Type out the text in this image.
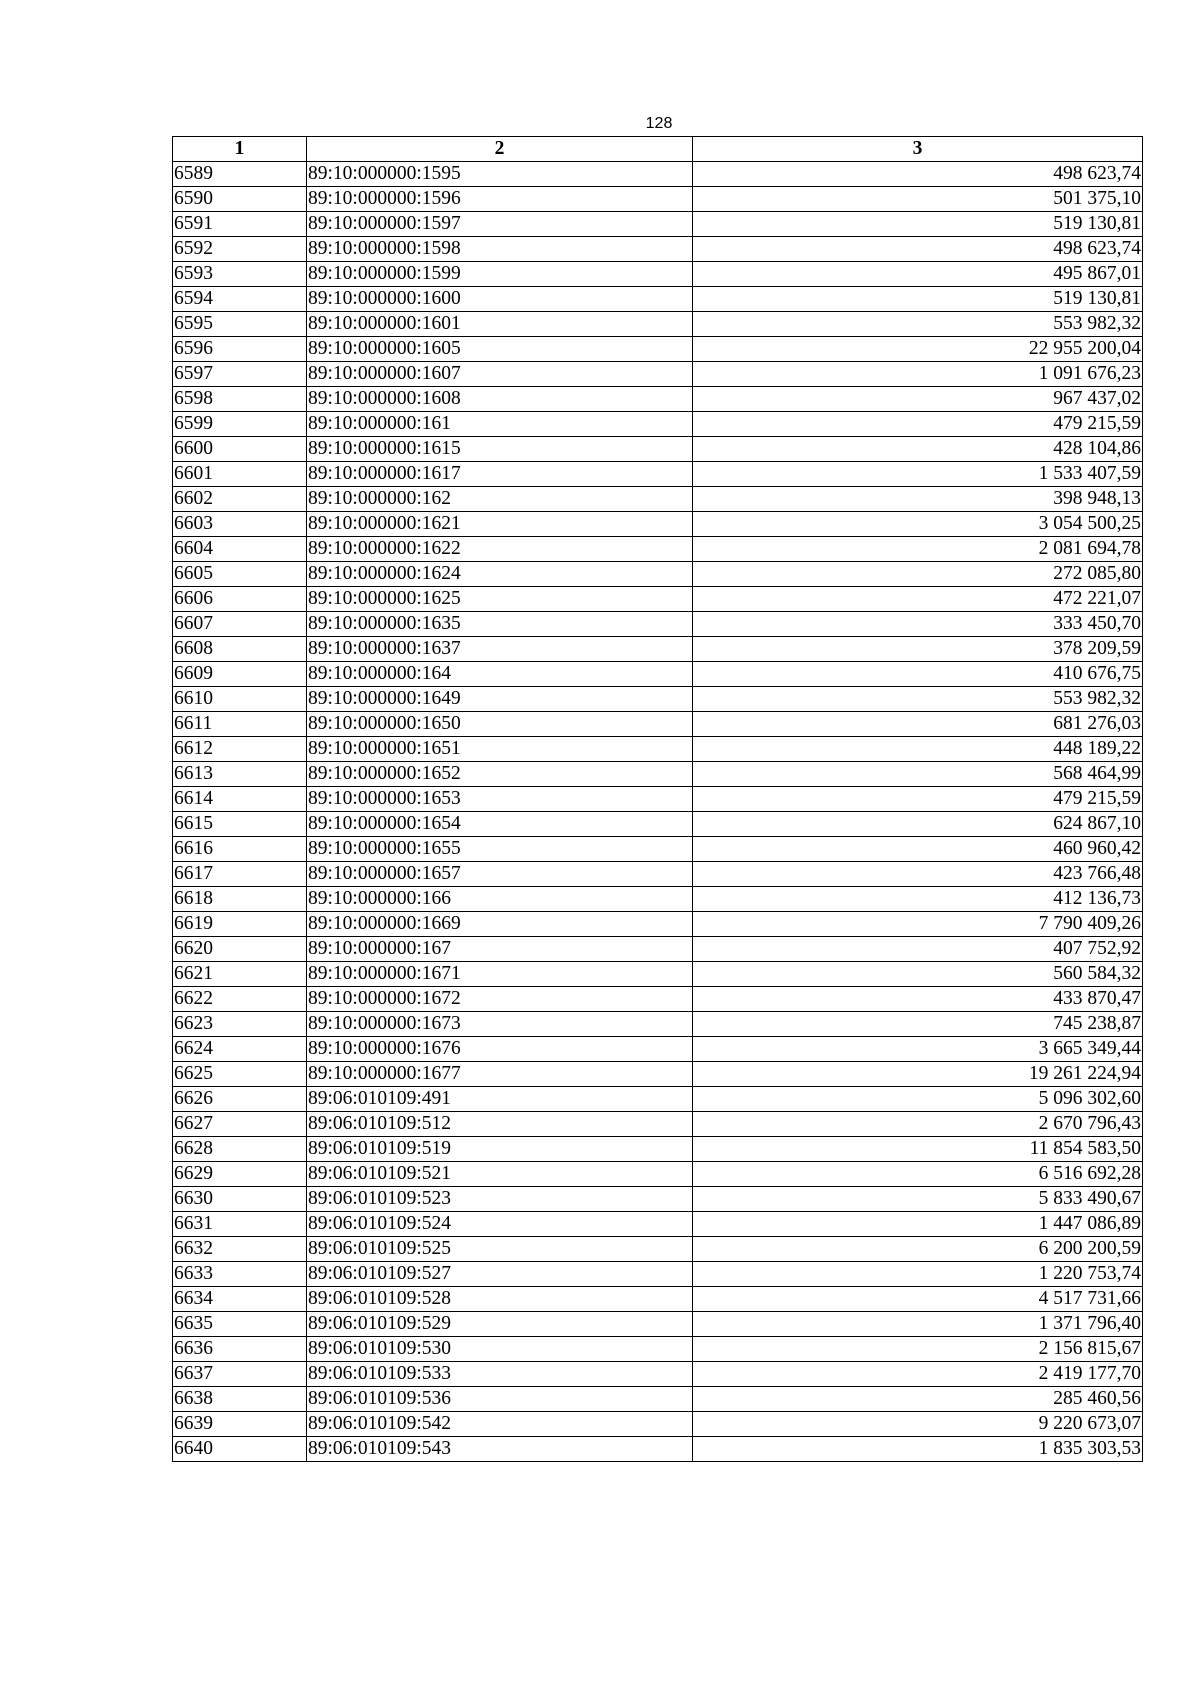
128
1	2	3
6589	89:10:000000:1595	498 623,74
6590	89:10:000000:1596	501 375,10
6591	89:10:000000:1597	519 130,81
6592	89:10:000000:1598	498 623,74
6593	89:10:000000:1599	495 867,01
6594	89:10:000000:1600	519 130,81
6595	89:10:000000:1601	553 982,32
6596	89:10:000000:1605	22 955 200,04
6597	89:10:000000:1607	1 091 676,23
6598	89:10:000000:1608	967 437,02
6599	89:10:000000:161	479 215,59
6600	89:10:000000:1615	428 104,86
6601	89:10:000000:1617	1 533 407,59
6602	89:10:000000:162	398 948,13
6603	89:10:000000:1621	3 054 500,25
6604	89:10:000000:1622	2 081 694,78
6605	89:10:000000:1624	272 085,80
6606	89:10:000000:1625	472 221,07
6607	89:10:000000:1635	333 450,70
6608	89:10:000000:1637	378 209,59
6609	89:10:000000:164	410 676,75
6610	89:10:000000:1649	553 982,32
6611	89:10:000000:1650	681 276,03
6612	89:10:000000:1651	448 189,22
6613	89:10:000000:1652	568 464,99
6614	89:10:000000:1653	479 215,59
6615	89:10:000000:1654	624 867,10
6616	89:10:000000:1655	460 960,42
6617	89:10:000000:1657	423 766,48
6618	89:10:000000:166	412 136,73
6619	89:10:000000:1669	7 790 409,26
6620	89:10:000000:167	407 752,92
6621	89:10:000000:1671	560 584,32
6622	89:10:000000:1672	433 870,47
6623	89:10:000000:1673	745 238,87
6624	89:10:000000:1676	3 665 349,44
6625	89:10:000000:1677	19 261 224,94
6626	89:06:010109:491	5 096 302,60
6627	89:06:010109:512	2 670 796,43
6628	89:06:010109:519	11 854 583,50
6629	89:06:010109:521	6 516 692,28
6630	89:06:010109:523	5 833 490,67
6631	89:06:010109:524	1 447 086,89
6632	89:06:010109:525	6 200 200,59
6633	89:06:010109:527	1 220 753,74
6634	89:06:010109:528	4 517 731,66
6635	89:06:010109:529	1 371 796,40
6636	89:06:010109:530	2 156 815,67
6637	89:06:010109:533	2 419 177,70
6638	89:06:010109:536	285 460,56
6639	89:06:010109:542	9 220 673,07
6640	89:06:010109:543	1 835 303,53
